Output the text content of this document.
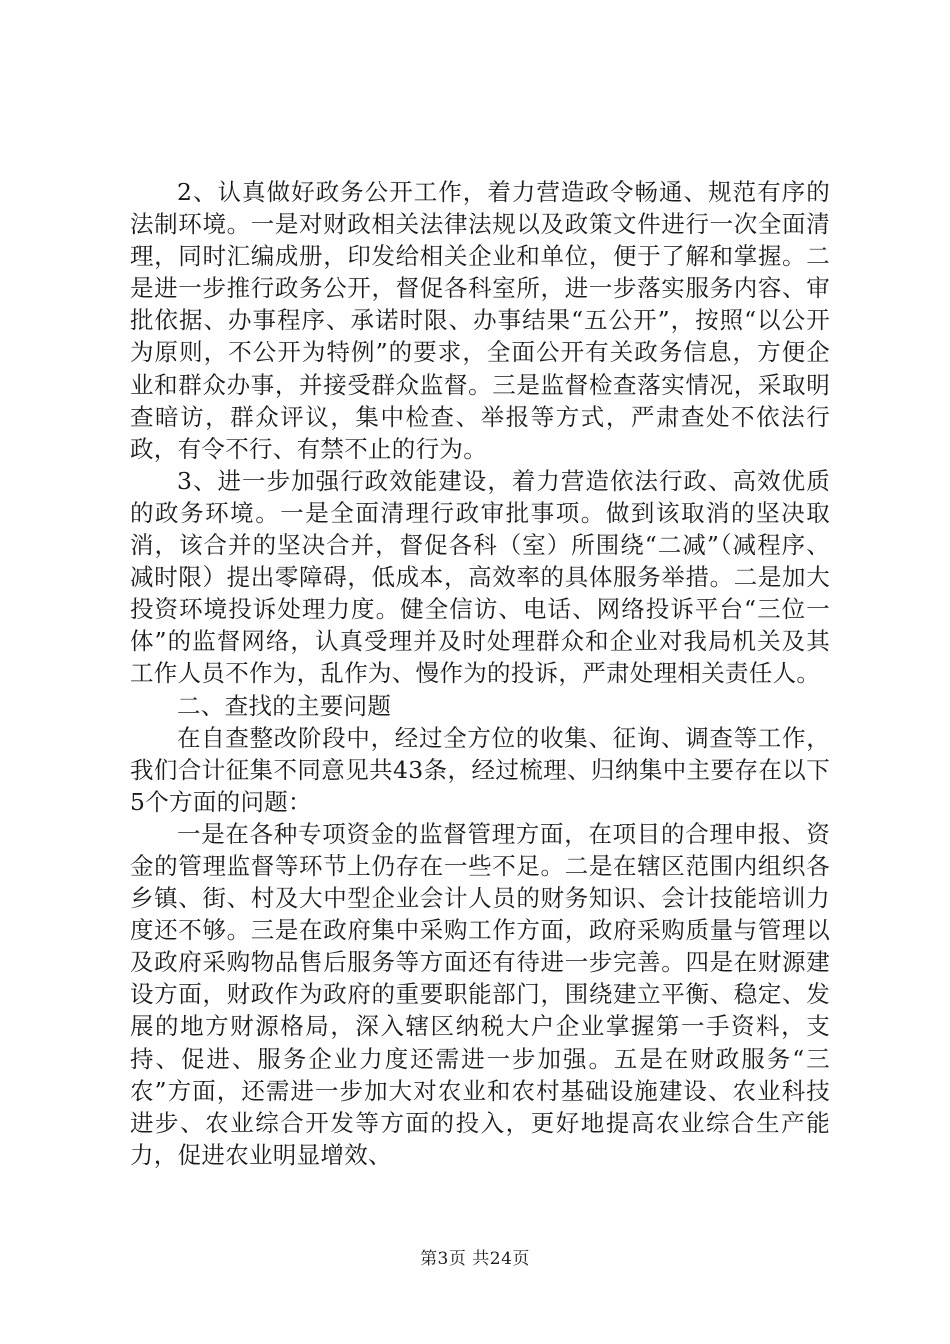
2、认真做好政务公开工作，着力营造政令畅通、规范有序的法制环境。一是对财政相关法律法规以及政策文件进行一次全面清理，同时汇编成册，印发给相关企业和单位，便于了解和掌握。二是进一步推行政务公开，督促各科室所，进一步落实服务内容、审批依据、办事程序、承诺时限、办事结果“五公开”，按照“以公开为原则，不公开为特例”的要求，全面公开有关政务信息，方便企业和群众办事，并接受群众监督。三是监督检查落实情况，采取明查暗访，群众评议，集中检查、举报等方式，严肃查处不依法行政，有令不行、有禁不止的行为。

3、进一步加强行政效能建设，着力营造依法行政、高效优质的政务环境。一是全面清理行政审批事项。做到该取消的坚决取消，该合并的坚决合并，督促各科（室）所围绕“二减”（减程序、减时限）提出零障碍，低成本，高效率的具体服务举措。二是加大投资环境投诉处理力度。健全信访、电话、网络投诉平台“三位一体”的监督网络，认真受理并及时处理群众和企业对我局机关及其工作人员不作为，乱作为、慢作为的投诉，严肃处理相关责任人。

二、查找的主要问题

在自查整改阶段中，经过全方位的收集、征询、调查等工作，我们合计征集不同意见共43条，经过梳理、归纳集中主要存在以下5个方面的问题：

一是在各种专项资金的监督管理方面，在项目的合理申报、资金的管理监督等环节上仍存在一些不足。二是在辖区范围内组织各乡镇、街、村及大中型企业会计人员的财务知识、会计技能培训力度还不够。三是在政府集中采购工作方面，政府采购质量与管理以及政府采购物品售后服务等方面还有待进一步完善。四是在财源建设方面，财政作为政府的重要职能部门，围绕建立平衡、稳定、发展的地方财源格局，深入辖区纳税大户企业掌握第一手资料，支持、促进、服务企业力度还需进一步加强。五是在财政服务“三农”方面，还需进一步加大对农业和农村基础设施建设、农业科技进步、农业综合开发等方面的投入，更好地提高农业综合生产能力，促进农业明显增效、

第3页 共24页
